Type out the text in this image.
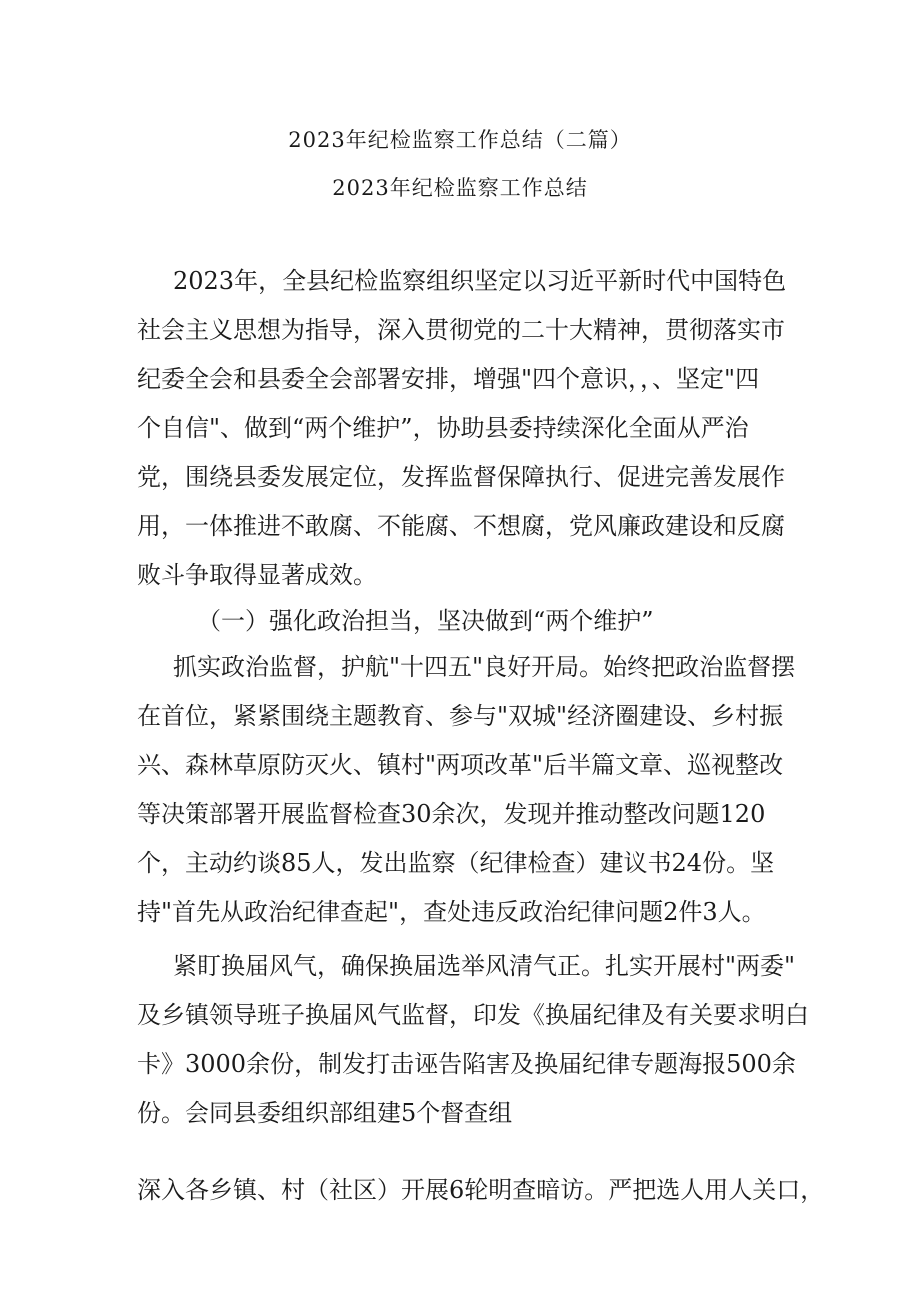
2023年纪检监察工作总结（二篇）
2023年纪检监察工作总结
2023年，全县纪检监察组织坚定以习近平新时代中国特色
社会主义思想为指导，深入贯彻党的二十大精神，贯彻落实市
纪委全会和县委全会部署安排，增强"四个意识，，、坚定"四
个自信"、做到“两个维护”，协助县委持续深化全面从严治
党，围绕县委发展定位，发挥监督保障执行、促进完善发展作
用，一体推进不敢腐、不能腐、不想腐，党风廉政建设和反腐
败斗争取得显著成效。
（一）强化政治担当，坚决做到“两个维护”
抓实政治监督，护航"十四五"良好开局。始终把政治监督摆
在首位，紧紧围绕主题教育、参与"双城"经济圈建设、乡村振
兴、森林草原防灭火、镇村"两项改革"后半篇文章、巡视整改
等决策部署开展监督检查30余次，发现并推动整改问题120
个，主动约谈85人，发出监察（纪律检查）建议书24份。坚
持"首先从政治纪律查起"，查处违反政治纪律问题2件3人。
紧盯换届风气，确保换届选举风清气正。扎实开展村"两委"
及乡镇领导班子换届风气监督，印发《换届纪律及有关要求明白
卡》3000余份，制发打击诬告陷害及换届纪律专题海报500余
份。会同县委组织部组建5个督查组
深入各乡镇、村（社区）开展6轮明查暗访。严把选人用人关口，
